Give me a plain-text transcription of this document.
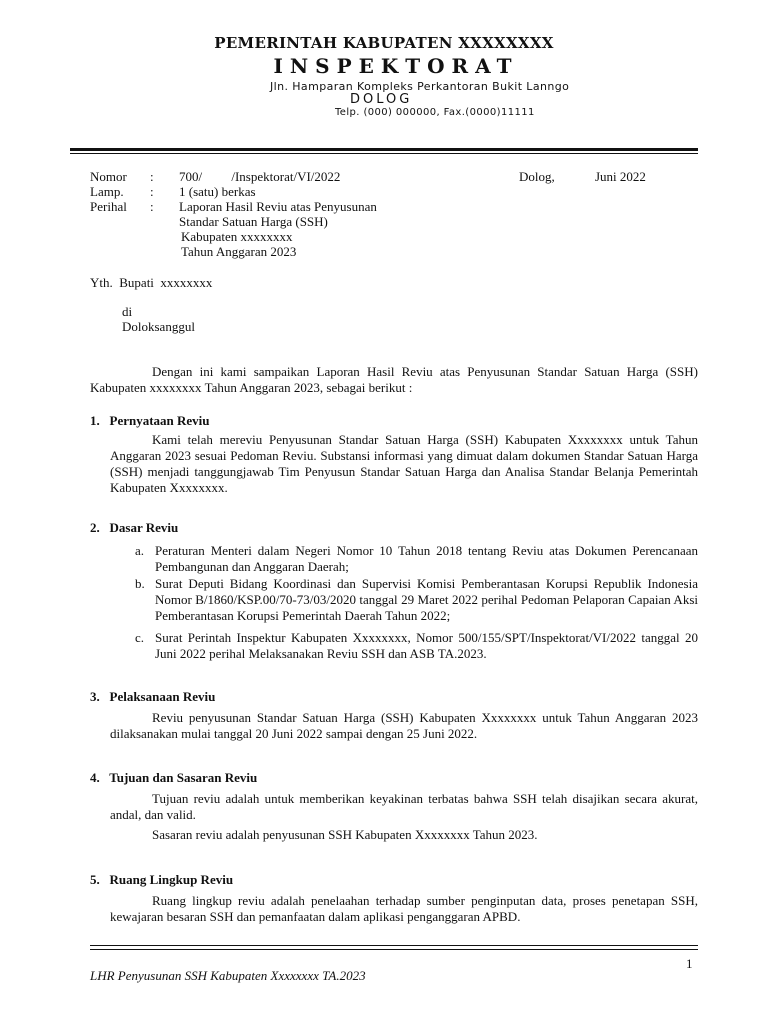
PEMERINTAH KABUPATEN XXXXXXXX
INSPEKTORAT
Jln. Hamparan Kompleks Perkantoran Bukit Lanngo
DOLOG
Telp. (000) 000000, Fax.(0000)11111
Nomor : 700/         /Inspektorat/VI/2022	Dolog,	Juni 2022
Lamp. : 1 (satu) berkas
Perihal : Laporan Hasil Reviu atas Penyusunan
Standar Satuan Harga (SSH)
Kabupaten xxxxxxxx
Tahun Anggaran 2023
Yth.  Bupati  xxxxxxxx
di
Doloksanggul
Dengan ini kami sampaikan Laporan Hasil Reviu atas Penyusunan Standar Satuan Harga (SSH) Kabupaten xxxxxxxx Tahun Anggaran 2023, sebagai berikut :
1.   Pernyataan Reviu
Kami telah mereviu Penyusunan Standar Satuan Harga (SSH) Kabupaten Xxxxxxxx untuk Tahun Anggaran 2023 sesuai Pedoman Reviu. Substansi informasi yang dimuat dalam dokumen Standar Satuan Harga (SSH) menjadi tanggungjawab Tim Penyusun Standar Satuan Harga dan Analisa Standar Belanja Pemerintah Kabupaten Xxxxxxxx.
2.   Dasar Reviu
a. Peraturan Menteri dalam Negeri Nomor 10 Tahun 2018 tentang Reviu atas Dokumen Perencanaan Pembangunan dan Anggaran Daerah;
b. Surat Deputi Bidang Koordinasi dan Supervisi Komisi Pemberantasan Korupsi Republik Indonesia Nomor B/1860/KSP.00/70-73/03/2020 tanggal 29 Maret 2022 perihal Pedoman Pelaporan Capaian Aksi Pemberantasan Korupsi Pemerintah Daerah Tahun 2022;
c. Surat Perintah Inspektur Kabupaten Xxxxxxxx, Nomor 500/155/SPT/Inspektorat/VI/2022 tanggal 20 Juni 2022 perihal Melaksanakan Reviu SSH dan ASB TA.2023.
3.   Pelaksanaan Reviu
Reviu penyusunan Standar Satuan Harga (SSH) Kabupaten Xxxxxxxx untuk Tahun Anggaran 2023 dilaksanakan mulai tanggal 20 Juni 2022 sampai dengan 25 Juni 2022.
4.   Tujuan dan Sasaran Reviu
Tujuan reviu adalah untuk memberikan keyakinan terbatas bahwa SSH telah disajikan secara akurat, andal, dan valid.
Sasaran reviu adalah penyusunan SSH Kabupaten Xxxxxxxx Tahun 2023.
5.   Ruang Lingkup Reviu
Ruang lingkup reviu adalah penelaahan terhadap sumber penginputan data, proses penetapan SSH, kewajaran besaran SSH dan pemanfaatan dalam aplikasi penganggaran APBD.
1
LHR Penyusunan SSH Kabupaten Xxxxxxxx TA.2023
